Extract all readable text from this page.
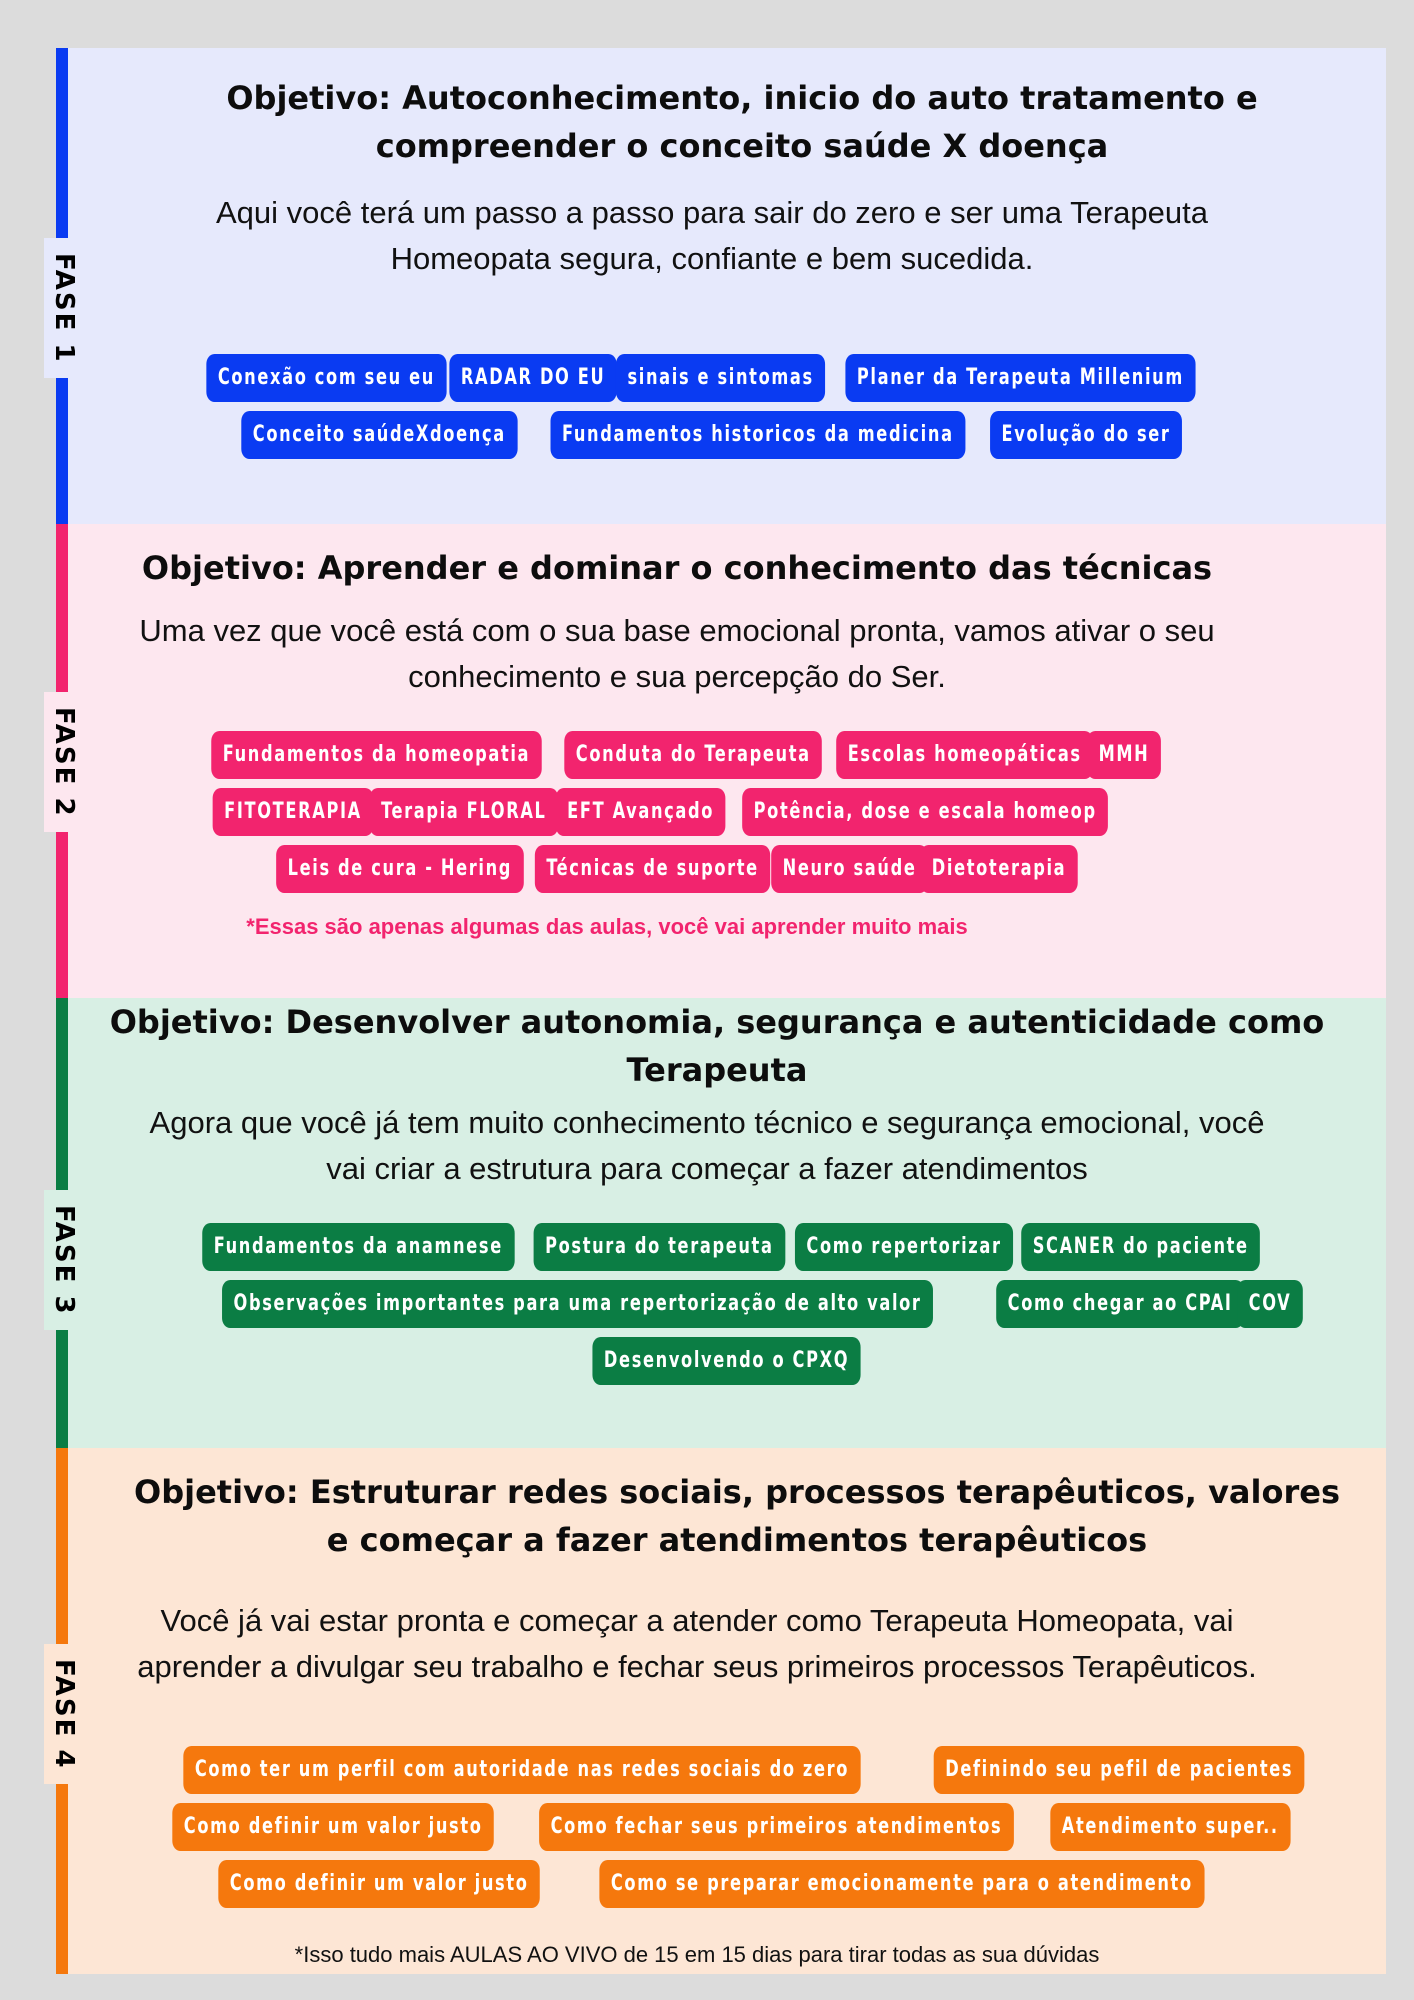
FASE 1
Objetivo: Autoconhecimento, inicio do auto tratamento e compreender o conceito saúde X doença
Aqui você terá um passo a passo para sair do zero e ser uma Terapeuta Homeopata segura, confiante e bem sucedida.
Conexão com seu eu	RADAR DO EU	sinais e sintomas	Planer da Terapeuta Millenium
Conceito saúdeXdoença	Fundamentos historicos da medicina	Evolução do ser
FASE 2
Objetivo: Aprender e dominar o conhecimento das técnicas
Uma vez que você está com o sua base emocional pronta, vamos ativar o seu conhecimento e sua percepção do Ser.
Fundamentos da homeopatia	Conduta do Terapeuta	Escolas homeopáticas MMH
FITOTERAPIA Terapia FLORAL EFT Avançado	Potência, dose e escala homeop
Leis de cura - Hering	Técnicas de suporte	Neuro saúde Dietoterapia
*Essas são apenas algumas das aulas, você vai aprender muito mais
FASE 3
Objetivo: Desenvolver autonomia, segurança e autenticidade como Terapeuta
Agora que você já tem muito conhecimento técnico e segurança emocional, você vai criar a estrutura para começar a fazer atendimentos
Fundamentos da anamnese	Postura do terapeuta	Como repertorizar	SCANER do paciente
Observações importantes para uma repertorização de alto valor	Como chegar ao CPAI COV
Desenvolvendo o CPXQ
FASE 4
Objetivo: Estruturar redes sociais, processos terapêuticos, valores e começar a fazer atendimentos terapêuticos
Você já vai estar pronta e começar a atender como Terapeuta Homeopata, vai aprender a divulgar seu trabalho e fechar seus primeiros processos Terapêuticos.
Como ter um perfil com autoridade nas redes sociais do zero	Definindo seu pefil de pacientes
Como definir um valor justo	Como fechar seus primeiros atendimentos	Atendimento super..
Como definir um valor justo	Como se preparar emocionamente para o atendimento
*Isso tudo mais AULAS AO VIVO de 15 em 15 dias para tirar todas as sua dúvidas
